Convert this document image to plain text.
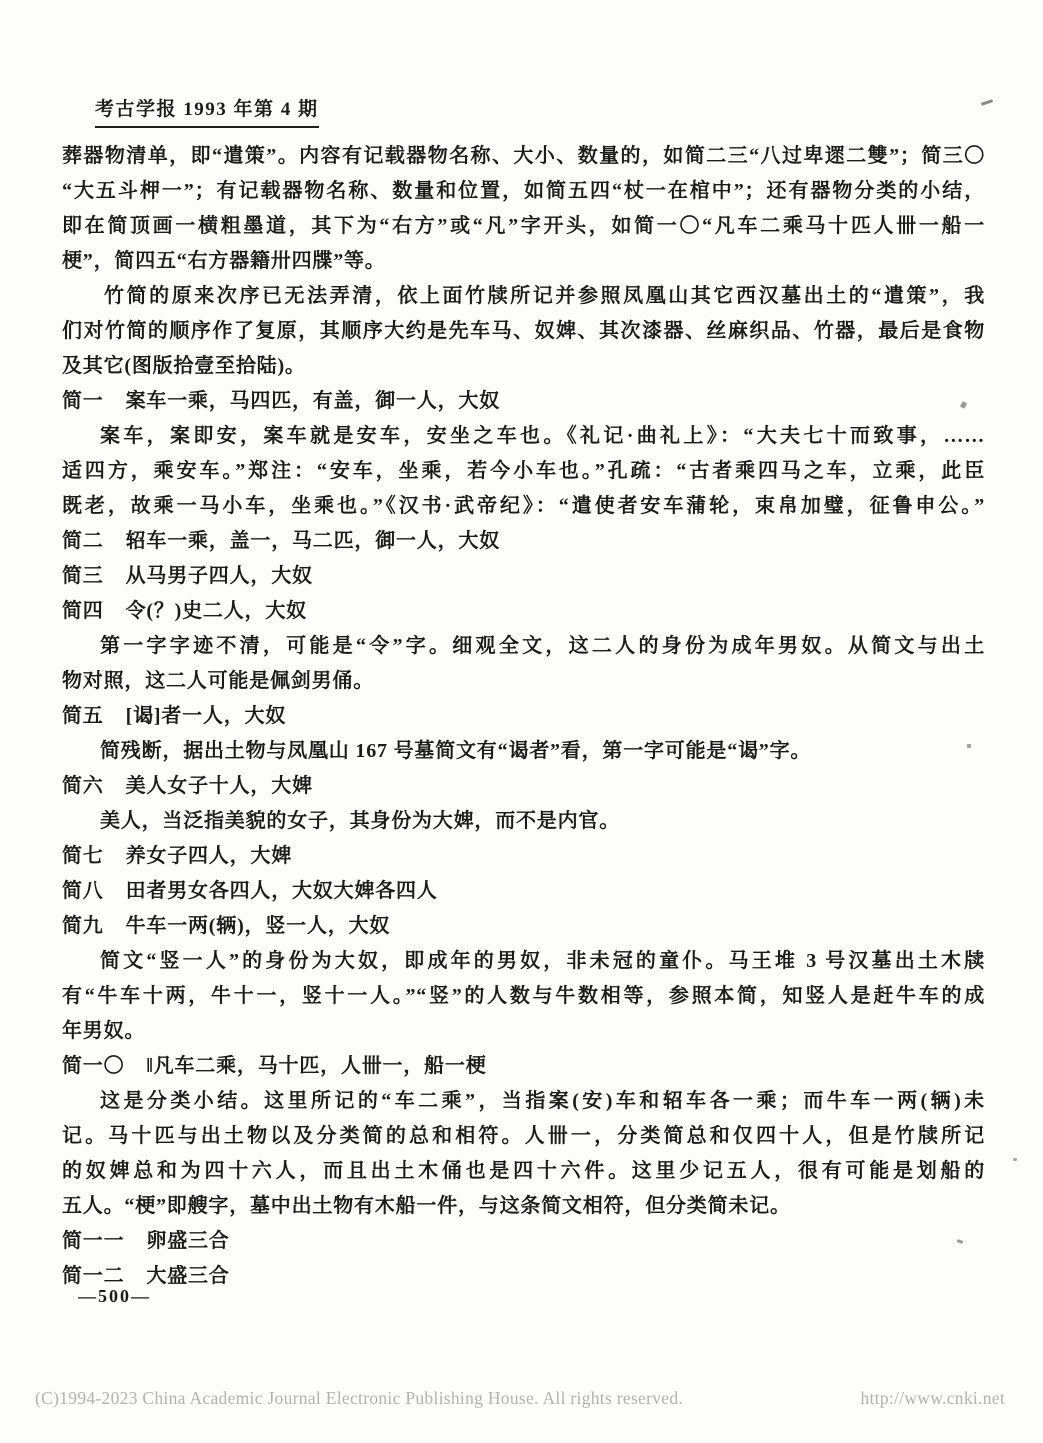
考古学报 1993 年第 4 期
葬器物清单，即“遣策”。内容有记载器物名称、大小、数量的，如简二三“八过卑遝二雙”；简三〇
“大五斗柙一”；有记载器物名称、数量和位置，如简五四“杖一在棺中”；还有器物分类的小结，
即在简顶画一横粗墨道，其下为“右方”或“凡”字开头，如简一〇“凡车二乘马十匹人卌一船一
梗”，简四五“右方器籍卅四牒”等。
竹简的原来次序已无法弄清，依上面竹牍所记并参照凤凰山其它西汉墓出土的“遣策”，我
们对竹简的顺序作了复原，其顺序大约是先车马、奴婢、其次漆器、丝麻织品、竹器，最后是食物
及其它(图版拾壹至拾陆)。
简一 案车一乘，马四匹，有盖，御一人，大奴
案车，案即安，案车就是安车，安坐之车也。《礼记·曲礼上》：“大夫七十而致事，……
适四方，乘安车。”郑注：“安车，坐乘，若今小车也。”孔疏：“古者乘四马之车，立乘，此臣
既老，故乘一马小车，坐乘也。”《汉书·武帝纪》：“遣使者安车蒲轮，束帛加璧，征鲁申公。”
简二 轺车一乘，盖一，马二匹，御一人，大奴
简三 从马男子四人，大奴
简四 令(？)史二人，大奴
第一字字迹不清，可能是“令”字。细观全文，这二人的身份为成年男奴。从简文与出土
物对照，这二人可能是佩剑男俑。
简五 [谒]者一人，大奴
简残断，据出土物与凤凰山 167 号墓简文有“谒者”看，第一字可能是“谒”字。
简六 美人女子十人，大婢
美人，当泛指美貌的女子，其身份为大婢，而不是内官。
简七 养女子四人，大婢
简八 田者男女各四人，大奴大婢各四人
简九 牛车一两(辆)，竖一人，大奴
简文“竖一人”的身份为大奴，即成年的男奴，非未冠的童仆。马王堆 3 号汉墓出土木牍
有“牛车十两，牛十一，竖十一人。”“竖”的人数与牛数相等，参照本简，知竖人是赶牛车的成
年男奴。
简一〇 ‖凡车二乘，马十匹，人卌一，船一梗
这是分类小结。这里所记的“车二乘”，当指案(安)车和轺车各一乘；而牛车一两(辆)未
记。马十匹与出土物以及分类简的总和相符。人卌一，分类简总和仅四十人，但是竹牍所记
的奴婢总和为四十六人，而且出土木俑也是四十六件。这里少记五人，很有可能是划船的
五人。“梗”即艘字，墓中出土物有木船一件，与这条简文相符，但分类简未记。
简一一 卵盛三合
简一二 大盛三合
—500—
(C)1994-2023 China Academic Journal Electronic Publishing House. All rights reserved.	http://www.cnki.net
